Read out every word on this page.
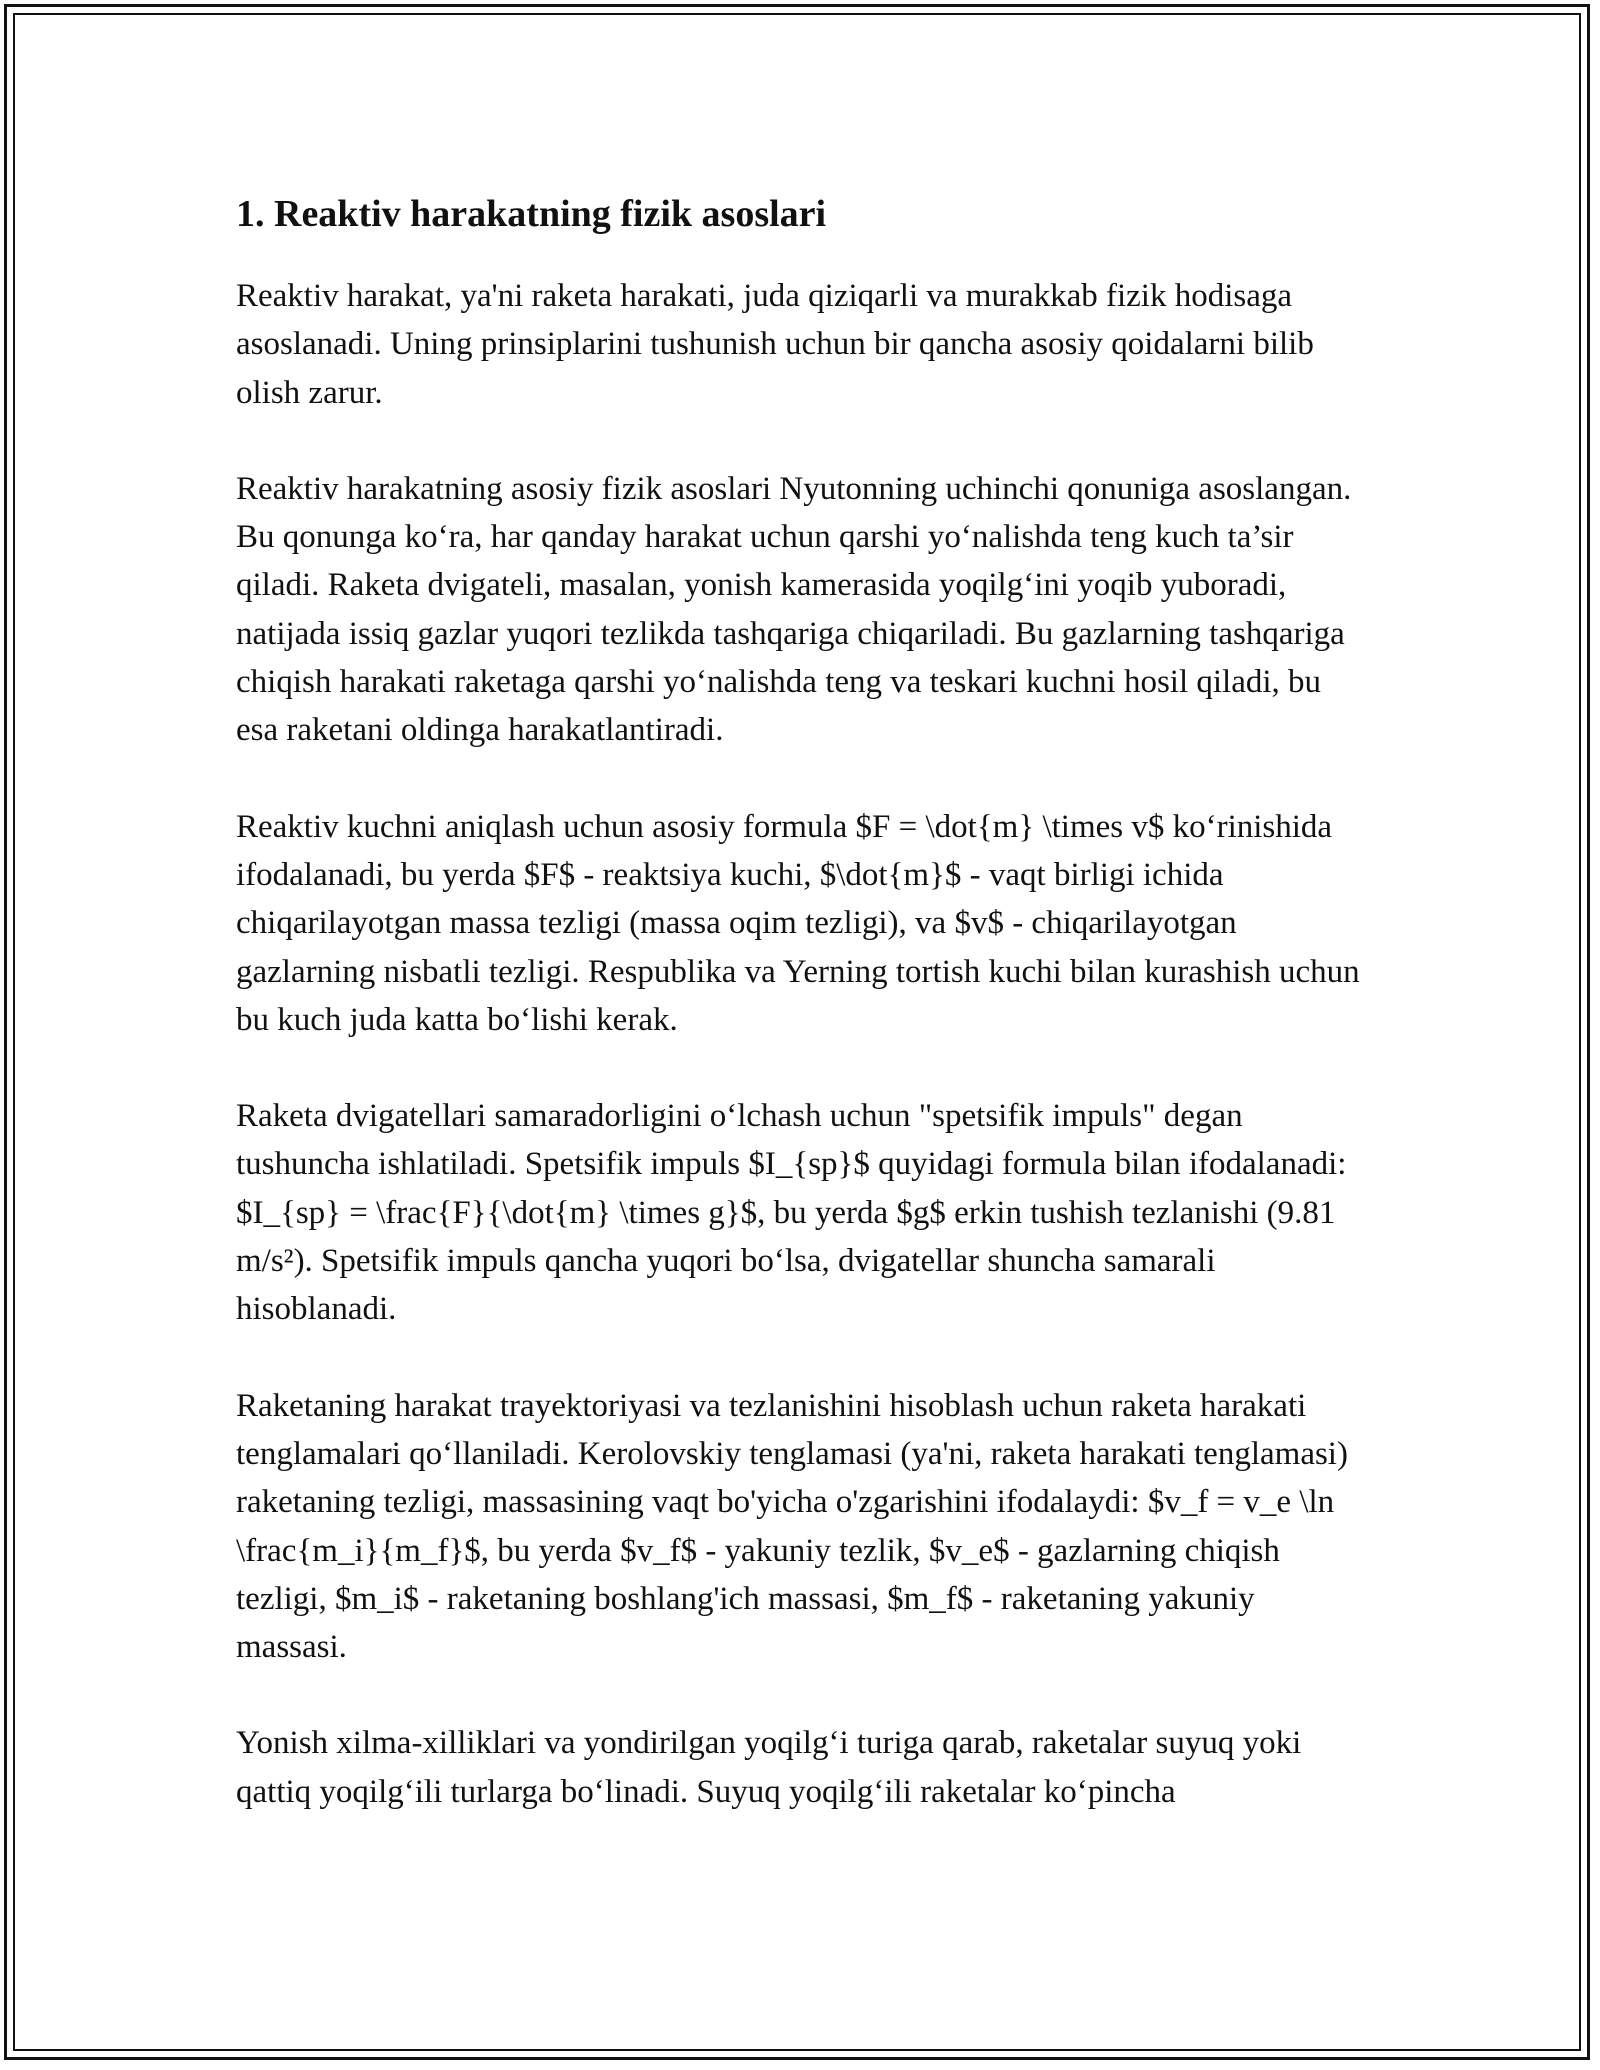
1. Reaktiv harakatning fizik asoslari

Reaktiv harakat, ya'ni raketa harakati, juda qiziqarli va murakkab fizik hodisaga asoslanadi. Uning prinsiplarini tushunish uchun bir qancha asosiy qoidalarni bilib olish zarur.

Reaktiv harakatning asosiy fizik asoslari Nyutonning uchinchi qonuniga asoslangan. Bu qonunga ko‘ra, har qanday harakat uchun qarshi yo‘nalishda teng kuch ta’sir qiladi. Raketa dvigateli, masalan, yonish kamerasida yoqilg‘ini yoqib yuboradi, natijada issiq gazlar yuqori tezlikda tashqariga chiqariladi. Bu gazlarning tashqariga chiqish harakati raketaga qarshi yo‘nalishda teng va teskari kuchni hosil qiladi, bu esa raketani oldinga harakatlantiradi.

Reaktiv kuchni aniqlash uchun asosiy formula $F = \dot{m} \times v$ ko‘rinishida ifodalanadi, bu yerda $F$ - reaktsiya kuchi, $\dot{m}$ - vaqt birligi ichida chiqarilayotgan massa tezligi (massa oqim tezligi), va $v$ - chiqarilayotgan gazlarning nisbatli tezligi. Respublika va Yerning tortish kuchi bilan kurashish uchun bu kuch juda katta bo‘lishi kerak.

Raketa dvigatellari samaradorligini o‘lchash uchun "spetsifik impuls" degan tushuncha ishlatiladi. Spetsifik impuls $I_{sp}$ quyidagi formula bilan ifodalanadi: $I_{sp} = \frac{F}{\dot{m} \times g}$, bu yerda $g$ erkin tushish tezlanishi (9.81 m/s²). Spetsifik impuls qancha yuqori bo‘lsa, dvigatellar shuncha samarali hisoblanadi.

Raketaning harakat trayektoriyasi va tezlanishini hisoblash uchun raketa harakati tenglamalari qo‘llaniladi. Kerolovskiy tenglamasi (ya'ni, raketa harakati tenglamasi) raketaning tezligi, massasining vaqt bo'yicha o'zgarishini ifodalaydi: $v_f = v_e \ln \frac{m_i}{m_f}$, bu yerda $v_f$ - yakuniy tezlik, $v_e$ - gazlarning chiqish tezligi, $m_i$ - raketaning boshlang'ich massasi, $m_f$ - raketaning yakuniy massasi.

Yonish xilma-xilliklari va yondirilgan yoqilg‘i turiga qarab, raketalar suyuq yoki qattiq yoqilg‘ili turlarga bo‘linadi. Suyuq yoqilg‘ili raketalar ko‘pincha
